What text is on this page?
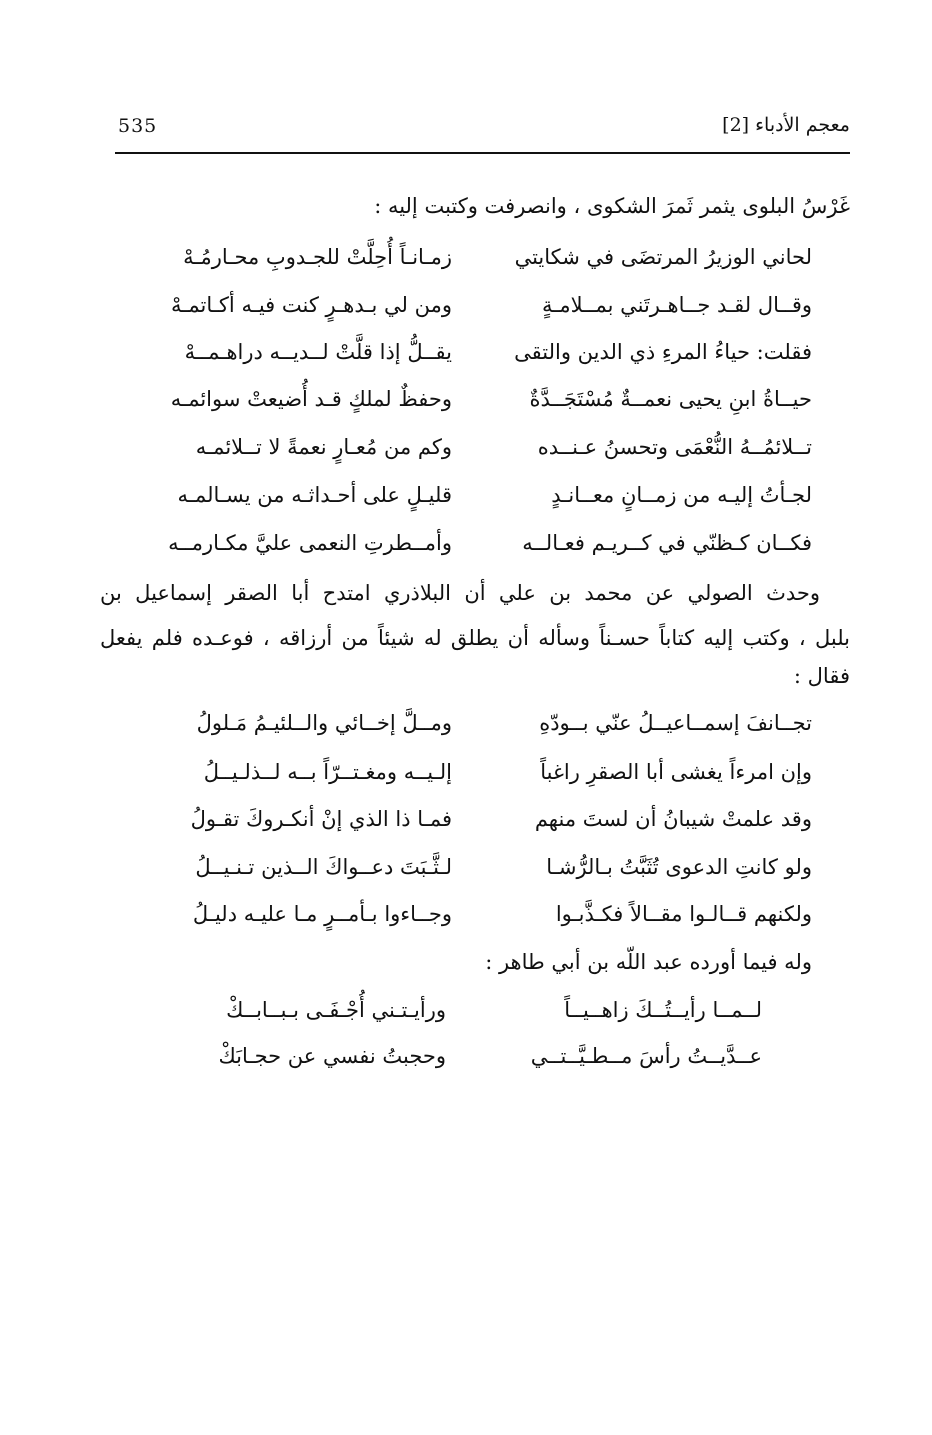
535	معجم الأدباء [2]
غَرْسُ البلوى يثمر ثَمرَ الشكوى ، وانصرفت وكتبت إليه :
لحاني الوزيرُ المرتضَى في شكايتي
زمـانـاً أُحِلَّتْ للجـدوبِ محـارمُـهْ
وقــال لقـد جــاهـرتَني بمــلامـةٍ
ومن لي بـدهـرٍ كنت فيـه أكـاتمـهْ
فقلت: حياءُ المرءِ ذي الدين والتقى
يقــلُّ إذا قلَّتْ لــديــه دراهـمــهْ
حيــاةُ ابنِ يحيى نعمــةٌ مُسْتَجَــدَّةٌ
وحفظٌ لملكٍ قـد أُضيعتْ سوائمـه
تــلائمُــهُ النُّعْمَى وتحسنُ عـنــده
وكم من مُعـارٍ نعمةً لا تــلائمـه
لجـأتُ إليـه من زمــانٍ معــانـدٍ
قليـلٍ على أحـداثـه من يسـالمـه
فكــان كـظنّي في كــريـم فعـالــه
وأمــطرتِ النعمى عليَّ مكـارمــه
وحدث الصولي عن محمد بن علي أن البلاذري امتدح أبا الصقر إسماعيل بن
بلبل ، وكتب إليه كتاباً حسـناً وسأله أن يطلق له شيئاً من أرزاقه ، فوعـده فلم يفعل
فقال :
تجــانفَ إسمــاعيــلُ عنّي بــودّهِ
ومــلَّ إخــائي والــلئيـمُ مَـلولُ
وإن امرءاً يغشى أبا الصقرِ راغباً
إلـيــه ومغـتــرّاً بــه لــذلـيــلُ
وقد علمتْ شيبانُ أن لستَ منهم
فمـا ذا الذي إنْ أنكـروكَ تقـولُ
ولو كانتِ الدعوى تُثَبَّتُ بـالرُّشـا
لـثَّـبَتَ دعــواكَ الــذين تـنـيــلُ
ولكنهم قــالـوا مقــالاً فكـذَّبـوا
وجــاءوا بـأمــرٍ مـا عليـه دليـلُ
وله فيما أورده عبد اللّه بن أبي طاهر :
لــمــا رأيــتُــكَ زاهــيــاً
ورأيـتـني أُجْـفَـى بـبــابــكْ
عــدَّيــتُ رأسَ مــطـيَّــتــي
وحجبتُ نفسي عن حجـابَكْ
